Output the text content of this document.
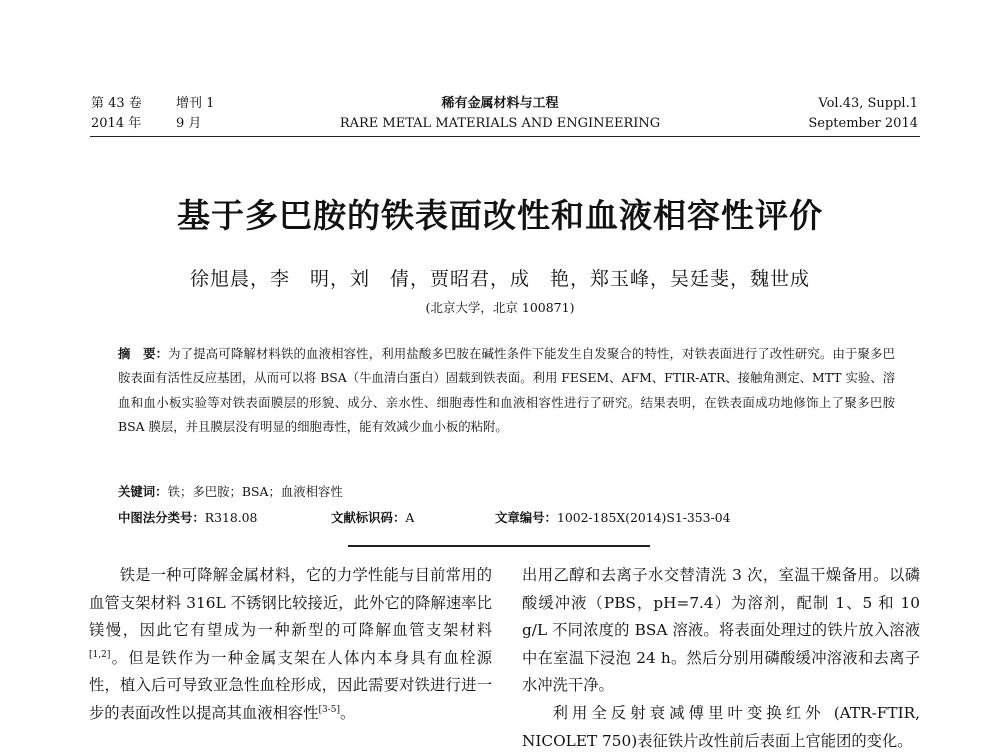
第 43 卷	增刊 1
2014 年	9 月
稀有金属材料与工程
RARE METAL MATERIALS AND ENGINEERING
Vol.43, Suppl.1
September 2014
基于多巴胺的铁表面改性和血液相容性评价
徐旭晨，李　明，刘　倩，贾昭君，成　艳，郑玉峰，吴廷斐，魏世成
(北京大学，北京 100871)

摘　要：为了提高可降解材料铁的血液相容性，利用盐酸多巴胺在碱性条件下能发生自发聚合的特性，对铁表面进行了改性研究。由于聚多巴胺表面有活性反应基团，从而可以将 BSA（牛血清白蛋白）固载到铁表面。利用 FESEM、AFM、FTIR-ATR、接触角测定、MTT 实验、溶血和血小板实验等对铁表面膜层的形貌、成分、亲水性、细胞毒性和血液相容性进行了研究。结果表明，在铁表面成功地修饰上了聚多巴胺 BSA 膜层，并且膜层没有明显的细胞毒性，能有效减少血小板的粘附。

关键词：铁；多巴胺；BSA；血液相容性
中图法分类号：R318.08	文献标识码：A	文章编号：1002-185X(2014)S1-353-04

铁是一种可降解金属材料，它的力学性能与目前常用的血管支架材料 316L 不锈钢比较接近，此外它的降解速率比镁慢，因此它有望成为一种新型的可降解血管支架材料[1,2]。但是铁作为一种金属支架在人体内本身具有血栓源性，植入后可导致亚急性血栓形成，因此需要对铁进行进一步的表面改性以提高其血液相容性[3-5]。

出用乙醇和去离子水交替清洗 3 次，室温干燥备用。以磷酸缓冲液（PBS，pH=7.4）为溶剂，配制 1、5 和 10 g/L 不同浓度的 BSA 溶液。将表面处理过的铁片放入溶液中在室温下浸泡 24 h。然后分别用磷酸缓冲溶液和去离子水冲洗干净。

利用全反射衰减傅里叶变换红外 (ATR-FTIR, NICOLET 750)表征铁片改性前后表面上官能团的变化。
